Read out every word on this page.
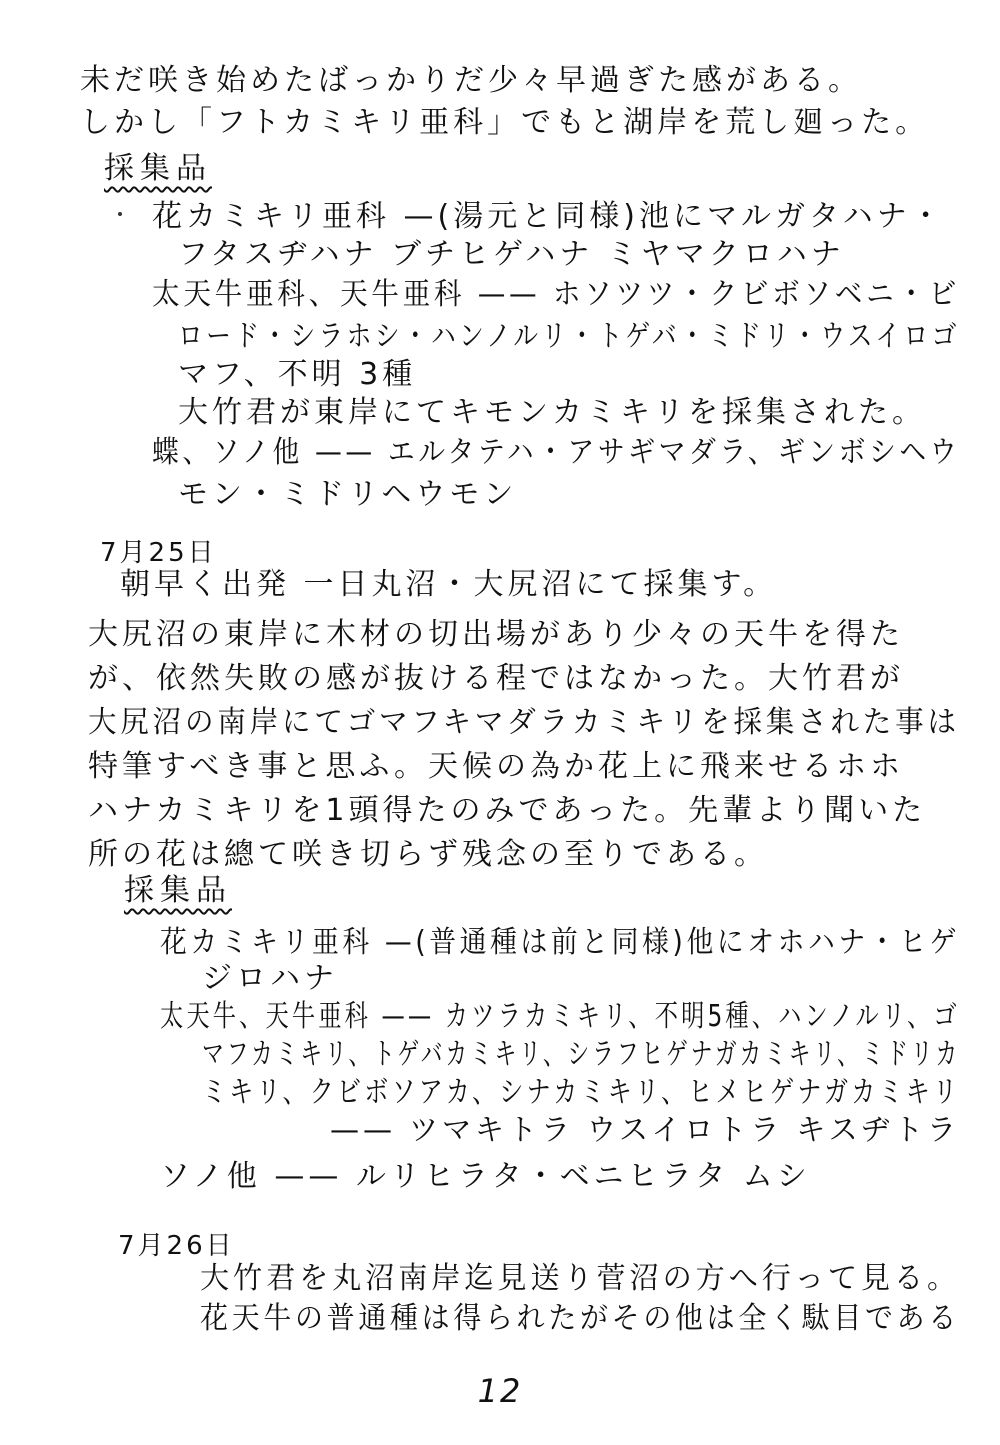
未だ咲き始めたばっかりだ少々早過ぎた感がある。
しかし「フトカミキリ亜科」でもと湖岸を荒し廻った。
採集品
花カミキリ亜科 —(湯元と同様)池にマルガタハナ・
フタスヂハナ ブチヒゲハナ ミヤマクロハナ
太天牛亜科、天牛亜科 —— ホソツツ・クビボソベニ・ビ
ロード・シラホシ・ハンノルリ・トゲバ・ミドリ・ウスイロゴ
マフ、不明 3種
大竹君が東岸にてキモンカミキリを採集された。
蝶、ソノ他 —— エルタテハ・アサギマダラ、ギンボシヘウ
モン・ミドリヘウモン
7月25日
朝早く出発 一日丸沼・大尻沼にて採集す。
大尻沼の東岸に木材の切出場があり少々の天牛を得た
が、依然失敗の感が抜ける程ではなかった。大竹君が
大尻沼の南岸にてゴマフキマダラカミキリを採集された事は
特筆すべき事と思ふ。天候の為か花上に飛来せるホホ
ハナカミキリを1頭得たのみであった。先輩より聞いた
所の花は總て咲き切らず残念の至りである。
採集品
花カミキリ亜科 —(普通種は前と同様)他にオホハナ・ヒゲ
ジロハナ
太天牛、天牛亜科 —— カツラカミキリ、不明5種、ハンノルリ、ゴ
マフカミキリ、トゲバカミキリ、シラフヒゲナガカミキリ、ミドリカ
ミキリ、クビボソアカ、シナカミキリ、ヒメヒゲナガカミキリ
—— ツマキトラ ウスイロトラ キスヂトラ
ソノ他 —— ルリヒラタ・ベニヒラタ ムシ
7月26日
大竹君を丸沼南岸迄見送り菅沼の方へ行って見る。
花天牛の普通種は得られたがその他は全く駄目である
12
